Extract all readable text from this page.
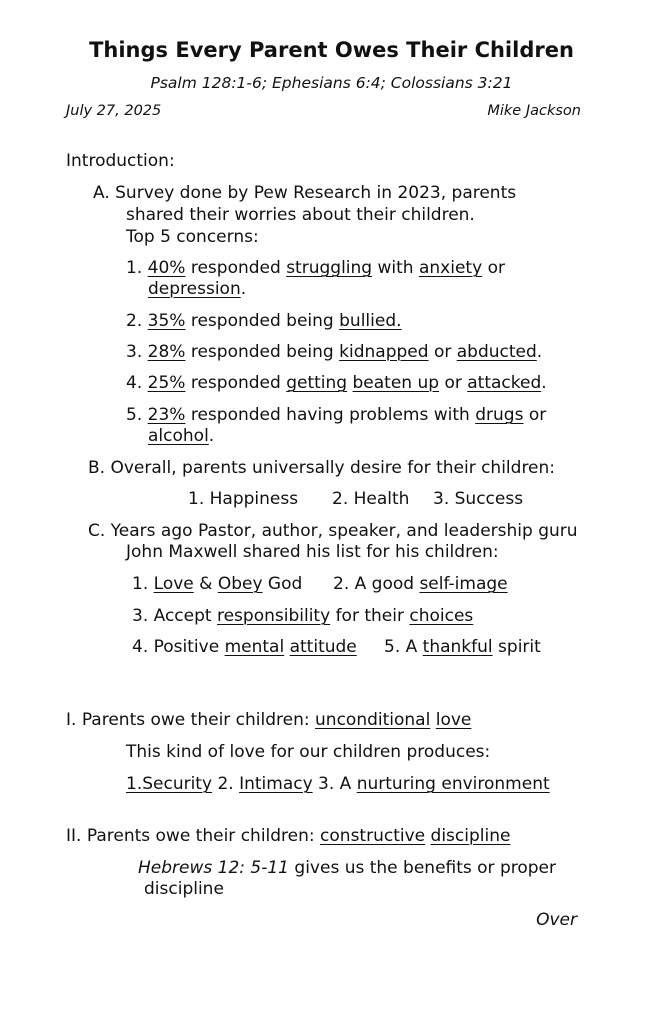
Things Every Parent Owes Their Children
Psalm 128:1-6; Ephesians 6:4; Colossians 3:21
July 27, 2025	Mike Jackson
Introduction:
A. Survey done by Pew Research in 2023, parents
shared their worries about their children.
Top 5 concerns:
1. 40% responded struggling with anxiety or
depression.
2. 35% responded being bullied.
3. 28% responded being kidnapped or abducted.
4. 25% responded getting beaten up or attacked.
5. 23% responded having problems with drugs or
alcohol.
B. Overall, parents universally desire for their children:
1. Happiness 2. Health 3. Success
C. Years ago Pastor, author, speaker, and leadership guru
John Maxwell shared his list for his children:
1. Love & Obey God 2. A good self-image
3. Accept responsibility for their choices
4. Positive mental attitude 5. A thankful spirit
I. Parents owe their children: unconditional love
This kind of love for our children produces:
1.Security 2. Intimacy 3. A nurturing environment
II. Parents owe their children: constructive discipline
Hebrews 12: 5-11 gives us the benefits or proper
discipline
Over
